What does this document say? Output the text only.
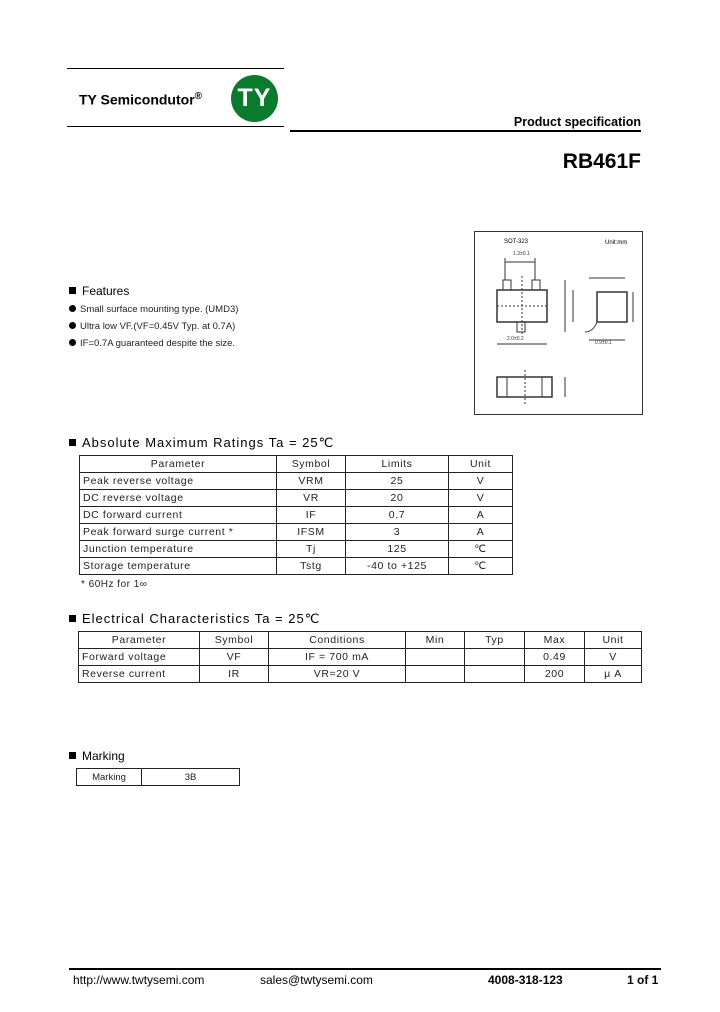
TY Semicondutor® TY
Product specification
RB461F
1.3±0.1
2.0±0.2
0.9±0.1
SOT-323	Unit:mm
Features
Small surface mounting type. (UMD3)
Ultra low VF.(VF=0.45V Typ. at 0.7A)
IF=0.7A guaranteed despite the size.
Absolute Maximum Ratings Ta = 25℃
Parameter	Symbol	Limits	Unit
Peak reverse voltage	VRM	25	V
DC reverse voltage	VR	20	V
DC forward current	IF	0.7	A
Peak forward surge current *	IFSM	3	A
Junction temperature	Tj	125	℃
Storage temperature	Tstg	-40 to +125	℃
* 60Hz for 1∞
Electrical Characteristics Ta = 25℃
Parameter	Symbol	Conditions	Min	Typ	Max	Unit
Forward voltage	VF	IF = 700 mA			0.49	V
Reverse current	IR	VR=20 V			200	μ A
Marking
Marking	3B
http://www.twtysemi.com	sales@twtysemi.com	4008-318-123	1 of 1
